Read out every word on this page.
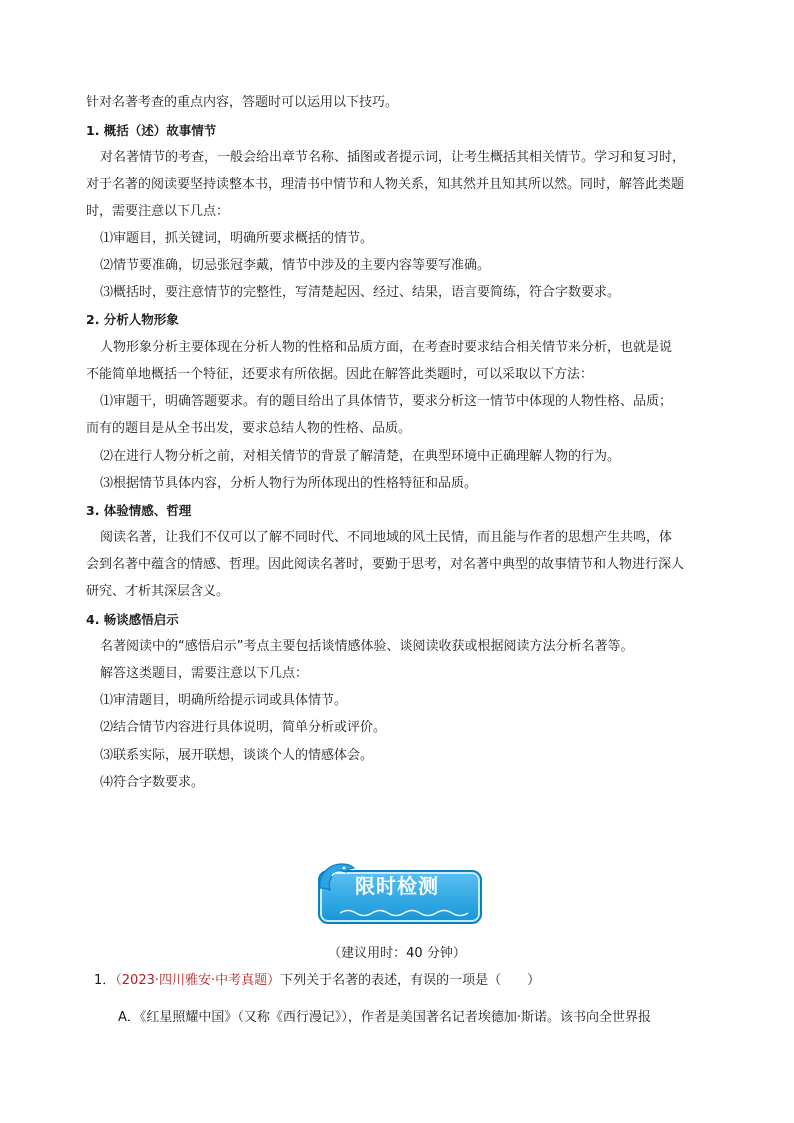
针对名著考查的重点内容，答题时可以运用以下技巧。
1. 概括（述）故事情节
对名著情节的考查，一般会给出章节名称、插图或者提示词，让考生概括其相关情节。学习和复习时，
对于名著的阅读要坚持读整本书，理清书中情节和人物关系，知其然并且知其所以然。同时，解答此类题
时，需要注意以下几点：
⑴审题目，抓关键词，明确所要求概括的情节。
⑵情节要准确，切忌张冠李戴，情节中涉及的主要内容等要写准确。
⑶概括时，要注意情节的完整性，写清楚起因、经过、结果，语言要简练，符合字数要求。
2. 分析人物形象
人物形象分析主要体现在分析人物的性格和品质方面，在考查时要求结合相关情节来分析，也就是说
不能简单地概括一个特征，还要求有所依据。因此在解答此类题时，可以采取以下方法：
⑴审题干，明确答题要求。有的题目给出了具体情节，要求分析这一情节中体现的人物性格、品质；
而有的题目是从全书出发，要求总结人物的性格、品质。
⑵在进行人物分析之前，对相关情节的背景了解清楚，在典型环境中正确理解人物的行为。
⑶根据情节具体内容，分析人物行为所体现出的性格特征和品质。
3. 体验情感、哲理
阅读名著，让我们不仅可以了解不同时代、不同地域的风土民情，而且能与作者的思想产生共鸣，体
会到名著中蕴含的情感、哲理。因此阅读名著时，要勤于思考，对名著中典型的故事情节和人物进行深人
研究、才析其深层含义。
4. 畅谈感悟启示
名著阅读中的“感悟启示”考点主要包括谈情感体验、谈阅读收获或根据阅读方法分析名著等。
解答这类题目，需要注意以下几点：
⑴审清题目，明确所给提示词或具体情节。
⑵结合情节内容进行具体说明，简单分析或评价。
⑶联系实际，展开联想，谈谈个人的情感体会。
⑷符合字数要求。
限时检测
（建议用时：40 分钟）
1．（2023·四川雅安·中考真题）下列关于名著的表述，有误的一项是（　　）
A．《红星照耀中国》（又称《西行漫记》），作者是美国著名记者埃德加·斯诺。该书向全世界报
